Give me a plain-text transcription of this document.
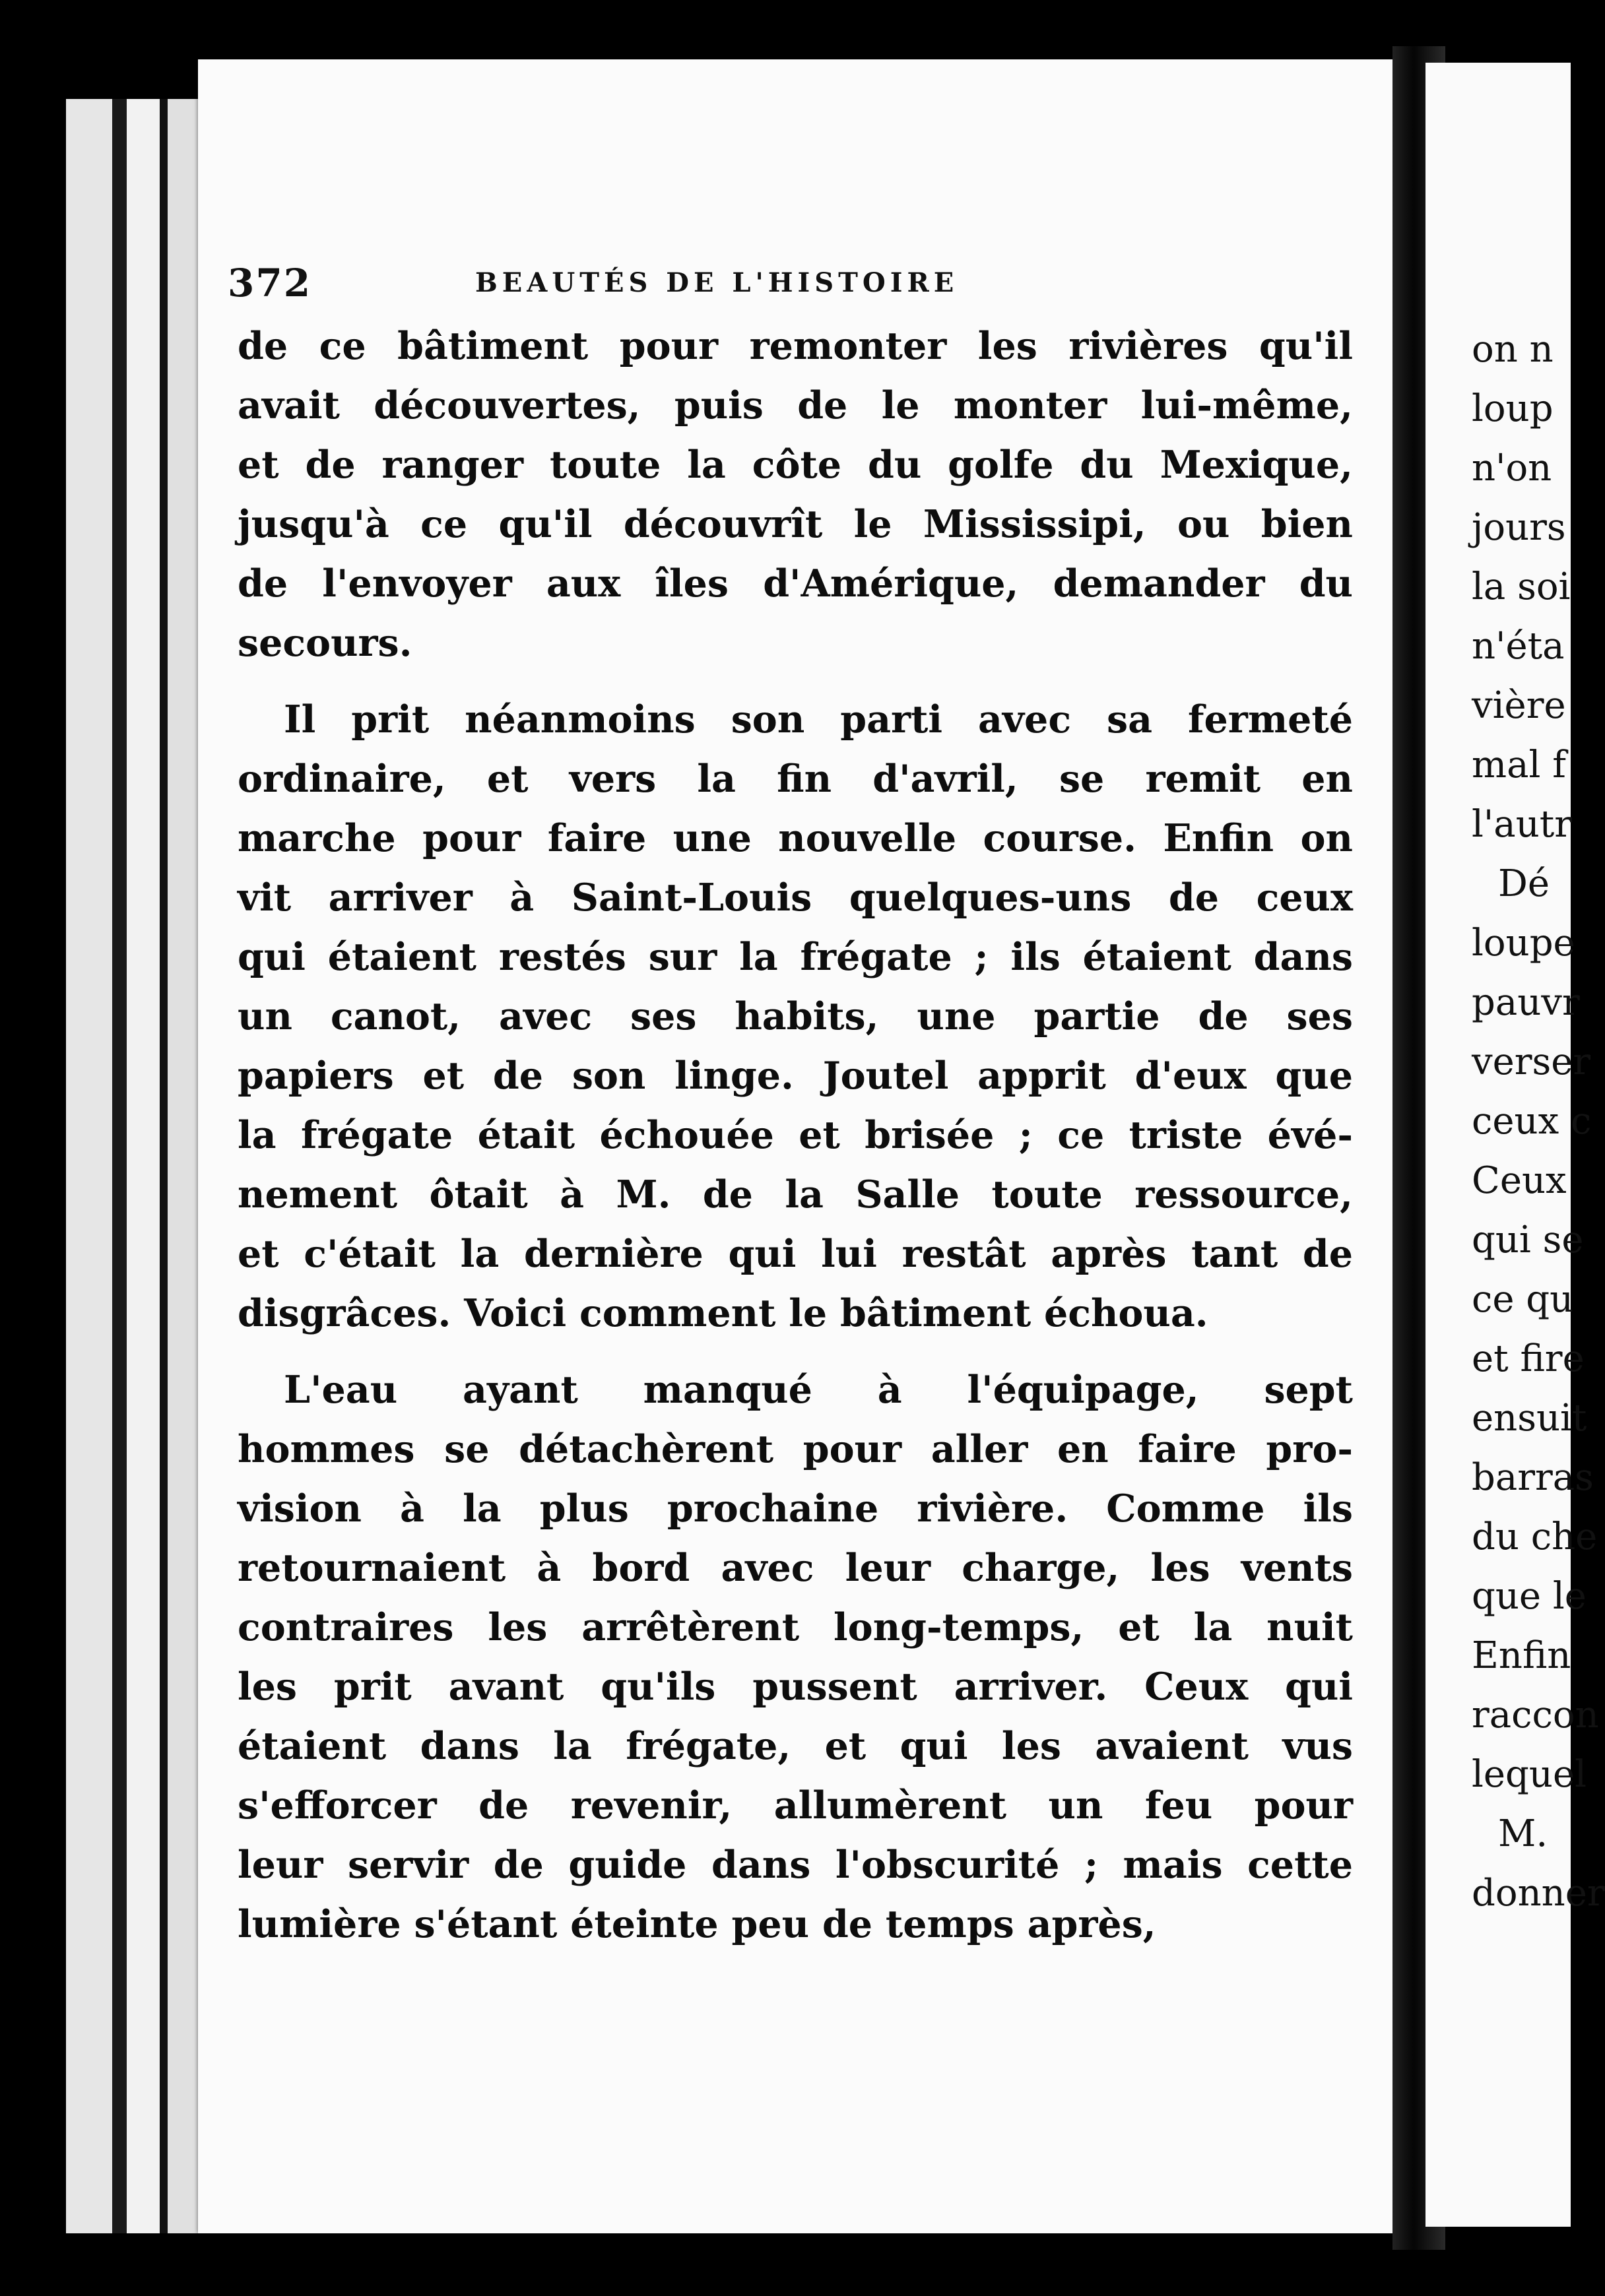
on n
loup
n'on
jours
la soi
n'éta
vière
mal f
l'autr
Dé
loupe
pauvr
verser
ceux c
Ceux
qui se
ce qu
et fire
ensuit
barras
du che
que le
Enfin
raccon
lequel
M.
donner
372	BEAUTÉS DE L'HISTOIRE
de ce bâtiment pour remonter les rivières qu'il
avait découvertes, puis de le monter lui-même,
et de ranger toute la côte du golfe du Mexique,
jusqu'à ce qu'il découvrît le Mississipi, ou bien
de l'envoyer aux îles d'Amérique, demander du
secours.
Il prit néanmoins son parti avec sa fermeté
ordinaire, et vers la fin d'avril, se remit en
marche pour faire une nouvelle course. Enfin on
vit arriver à Saint-Louis quelques-uns de ceux
qui étaient restés sur la frégate ; ils étaient dans
un canot, avec ses habits, une partie de ses
papiers et de son linge. Joutel apprit d'eux que
la frégate était échouée et brisée ; ce triste évé-
nement ôtait à M. de la Salle toute ressource,
et c'était la dernière qui lui restât après tant de
disgrâces. Voici comment le bâtiment échoua.
L'eau ayant manqué à l'équipage, sept
hommes se détachèrent pour aller en faire pro-
vision à la plus prochaine rivière. Comme ils
retournaient à bord avec leur charge, les vents
contraires les arrêtèrent long-temps, et la nuit
les prit avant qu'ils pussent arriver. Ceux qui
étaient dans la frégate, et qui les avaient vus
s'efforcer de revenir, allumèrent un feu pour
leur servir de guide dans l'obscurité ; mais cette
lumière s'étant éteinte peu de temps après,
